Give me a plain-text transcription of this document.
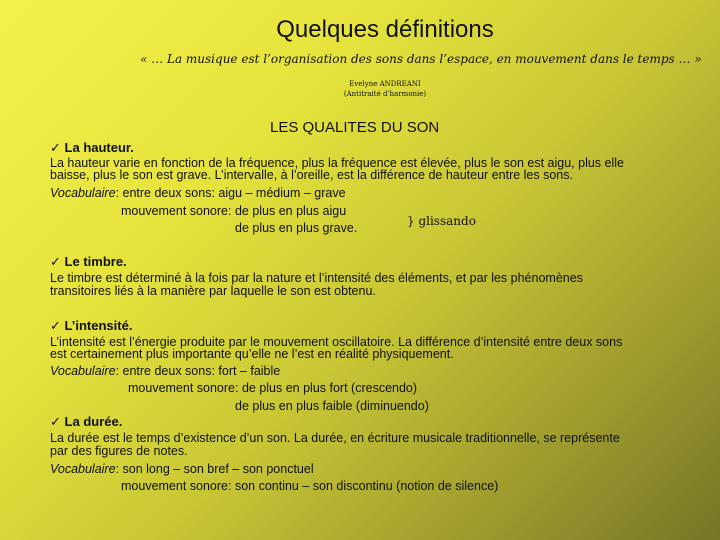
Quelques définitions
« … La musique est l’organisation des sons dans l’espace, en mouvement dans le temps … »
Evelyne ANDREANI
(Antitraité d’harmonie)
LES QUALITES DU SON
✓ La hauteur.
La hauteur varie en fonction de la fréquence, plus la fréquence est élevée, plus le son est aigu, plus elle
baisse, plus le son est grave. L’intervalle, à l’oreille, est la différence de hauteur entre les sons.
Vocabulaire: entre deux sons: aigu – médium – grave
mouvement sonore: de plus en plus aigu
de plus en plus grave.	} glissando
✓ Le timbre.
Le timbre est déterminé à la fois par la nature et l’intensité des éléments, et par les phénomènes
transitoires liés à la manière par laquelle le son est obtenu.
✓ L’intensité.
L’intensité est l’énergie produite par le mouvement oscillatoire. La différence d’intensité entre deux sons
est certainement plus importante qu’elle ne l’est en réalité physiquement.
Vocabulaire: entre deux sons: fort – faible
mouvement sonore: de plus en plus fort (crescendo)
de plus en plus faible (diminuendo)
✓ La durée.
La durée est le temps d’existence d’un son. La durée, en écriture musicale traditionnelle, se représente
par des figures de notes.
Vocabulaire: son long – son bref – son ponctuel
mouvement sonore: son continu – son discontinu (notion de silence)
